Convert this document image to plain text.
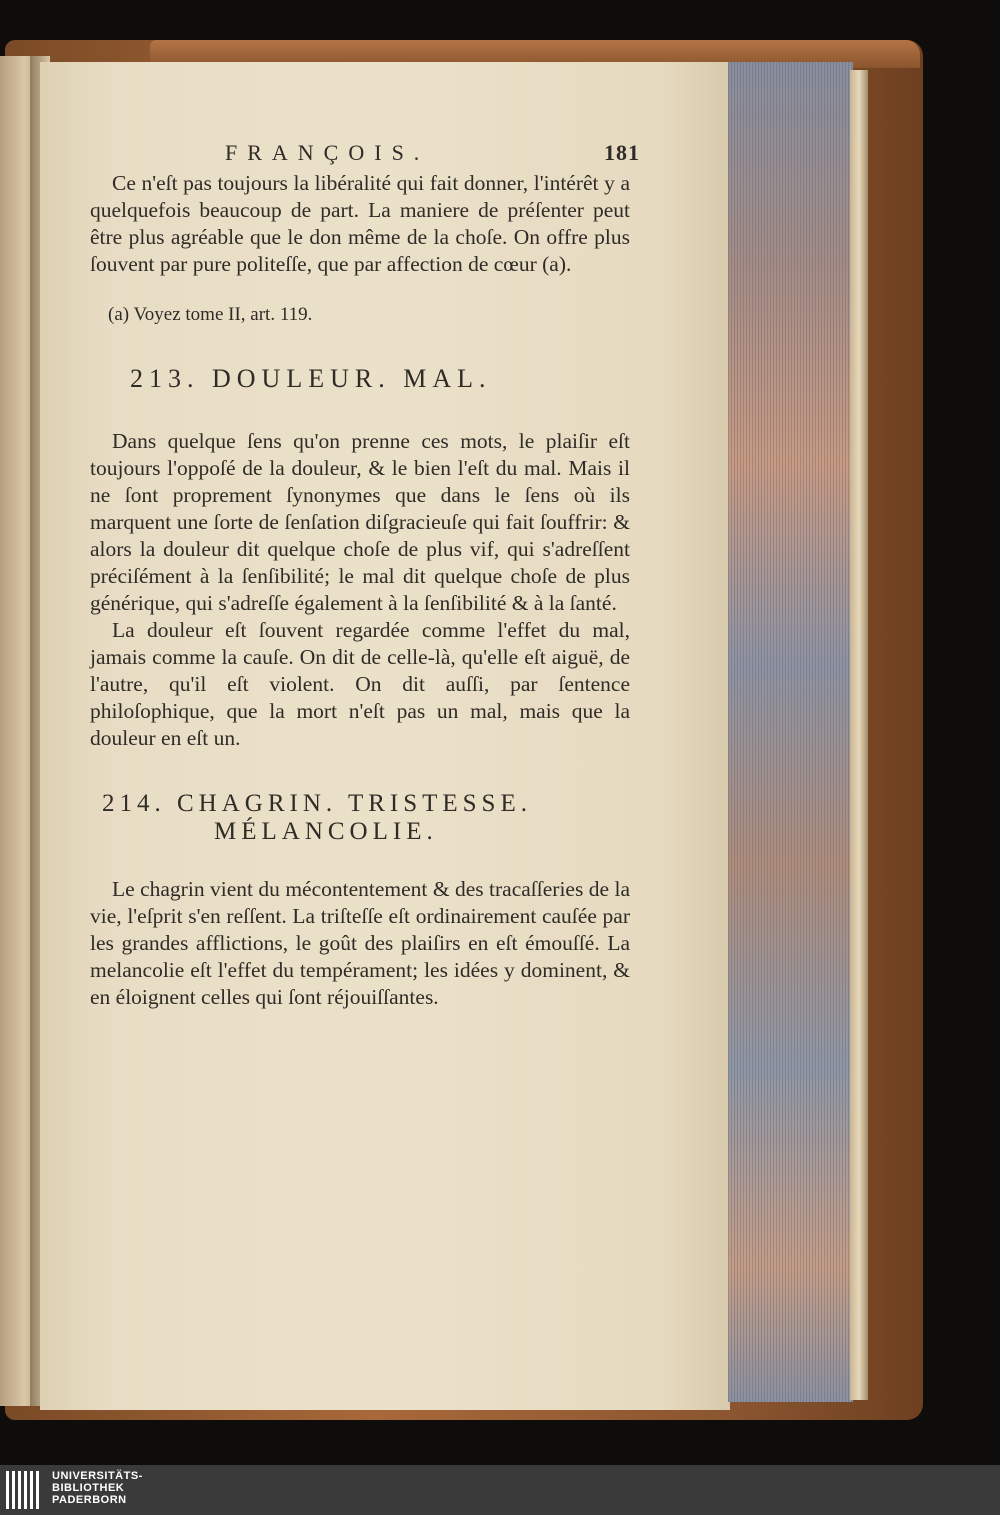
FRANÇOIS.	181

Ce n'eſt pas toujours la libéralité qui fait donner, l'intérêt y a quelquefois beaucoup de part. La maniere de préſenter peut être plus agréable que le don même de la choſe. On offre plus ſouvent par pure politeſſe, que par affection de cœur (a).

(a) Voyez tome II, art. 119.

213. DOULEUR. MAL.

Dans quelque ſens qu'on prenne ces mots, le plaiſir eſt toujours l'oppoſé de la douleur, & le bien l'eſt du mal. Mais il ne ſont proprement ſynonymes que dans le ſens où ils marquent une ſorte de ſenſation diſgracieuſe qui fait ſouffrir: & alors la douleur dit quelque choſe de plus vif, qui s'adreſſent préciſément à la ſenſibilité; le mal dit quelque choſe de plus générique, qui s'adreſſe également à la ſenſibilité & à la ſanté.

La douleur eſt ſouvent regardée comme l'effet du mal, jamais comme la cauſe. On dit de celle-là, qu'elle eſt aiguë, de l'autre, qu'il eſt violent. On dit auſſi, par ſentence philoſophique, que la mort n'eſt pas un mal, mais que la douleur en eſt un.

214. CHAGRIN. TRISTESSE.
MÉLANCOLIE.

Le chagrin vient du mécontentement & des tracaſſeries de la vie, l'eſprit s'en reſſent. La triſteſſe eſt ordinairement cauſée par les grandes afflictions, le goût des plaiſirs en eſt émouſſé. La melancolie eſt l'effet du tempérament; les idées y dominent, & en éloignent celles qui ſont réjouiſſantes.

UNIVERSITÄTS-
BIBLIOTHEK
PADERBORN
